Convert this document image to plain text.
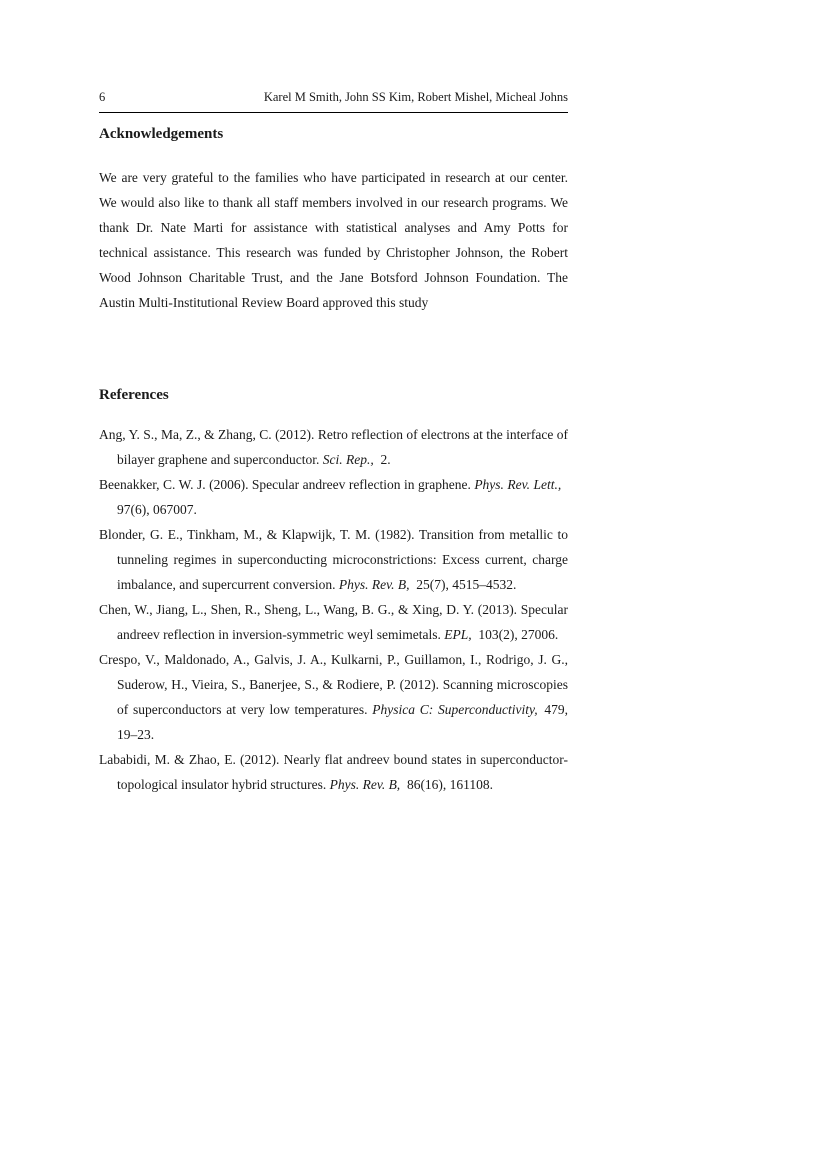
6	Karel M Smith, John SS Kim, Robert Mishel, Micheal Johns
Acknowledgements

We are very grateful to the families who have participated in research at our center. We would also like to thank all staff members involved in our research programs. We thank Dr. Nate Marti for assistance with statistical analyses and Amy Potts for technical assistance. This research was funded by Christopher Johnson, the Robert Wood Johnson Charitable Trust, and the Jane Botsford Johnson Foundation. The Austin Multi-Institutional Review Board approved this study

References

Ang, Y. S., Ma, Z., & Zhang, C. (2012). Retro reflection of electrons at the interface of bilayer graphene and superconductor. Sci. Rep., 2.

Beenakker, C. W. J. (2006). Specular andreev reflection in graphene. Phys. Rev. Lett., 97(6), 067007.

Blonder, G. E., Tinkham, M., & Klapwijk, T. M. (1982). Transition from metallic to tunneling regimes in superconducting microconstrictions: Excess current, charge imbalance, and supercurrent conversion. Phys. Rev. B, 25(7), 4515–4532.

Chen, W., Jiang, L., Shen, R., Sheng, L., Wang, B. G., & Xing, D. Y. (2013). Specular andreev reflection in inversion-symmetric weyl semimetals. EPL, 103(2), 27006.

Crespo, V., Maldonado, A., Galvis, J. A., Kulkarni, P., Guillamon, I., Rodrigo, J. G., Suderow, H., Vieira, S., Banerjee, S., & Rodiere, P. (2012). Scanning microscopies of superconductors at very low temperatures. Physica C: Superconductivity, 479, 19–23.

Lababidi, M. & Zhao, E. (2012). Nearly flat andreev bound states in superconductor-topological insulator hybrid structures. Phys. Rev. B, 86(16), 161108.
